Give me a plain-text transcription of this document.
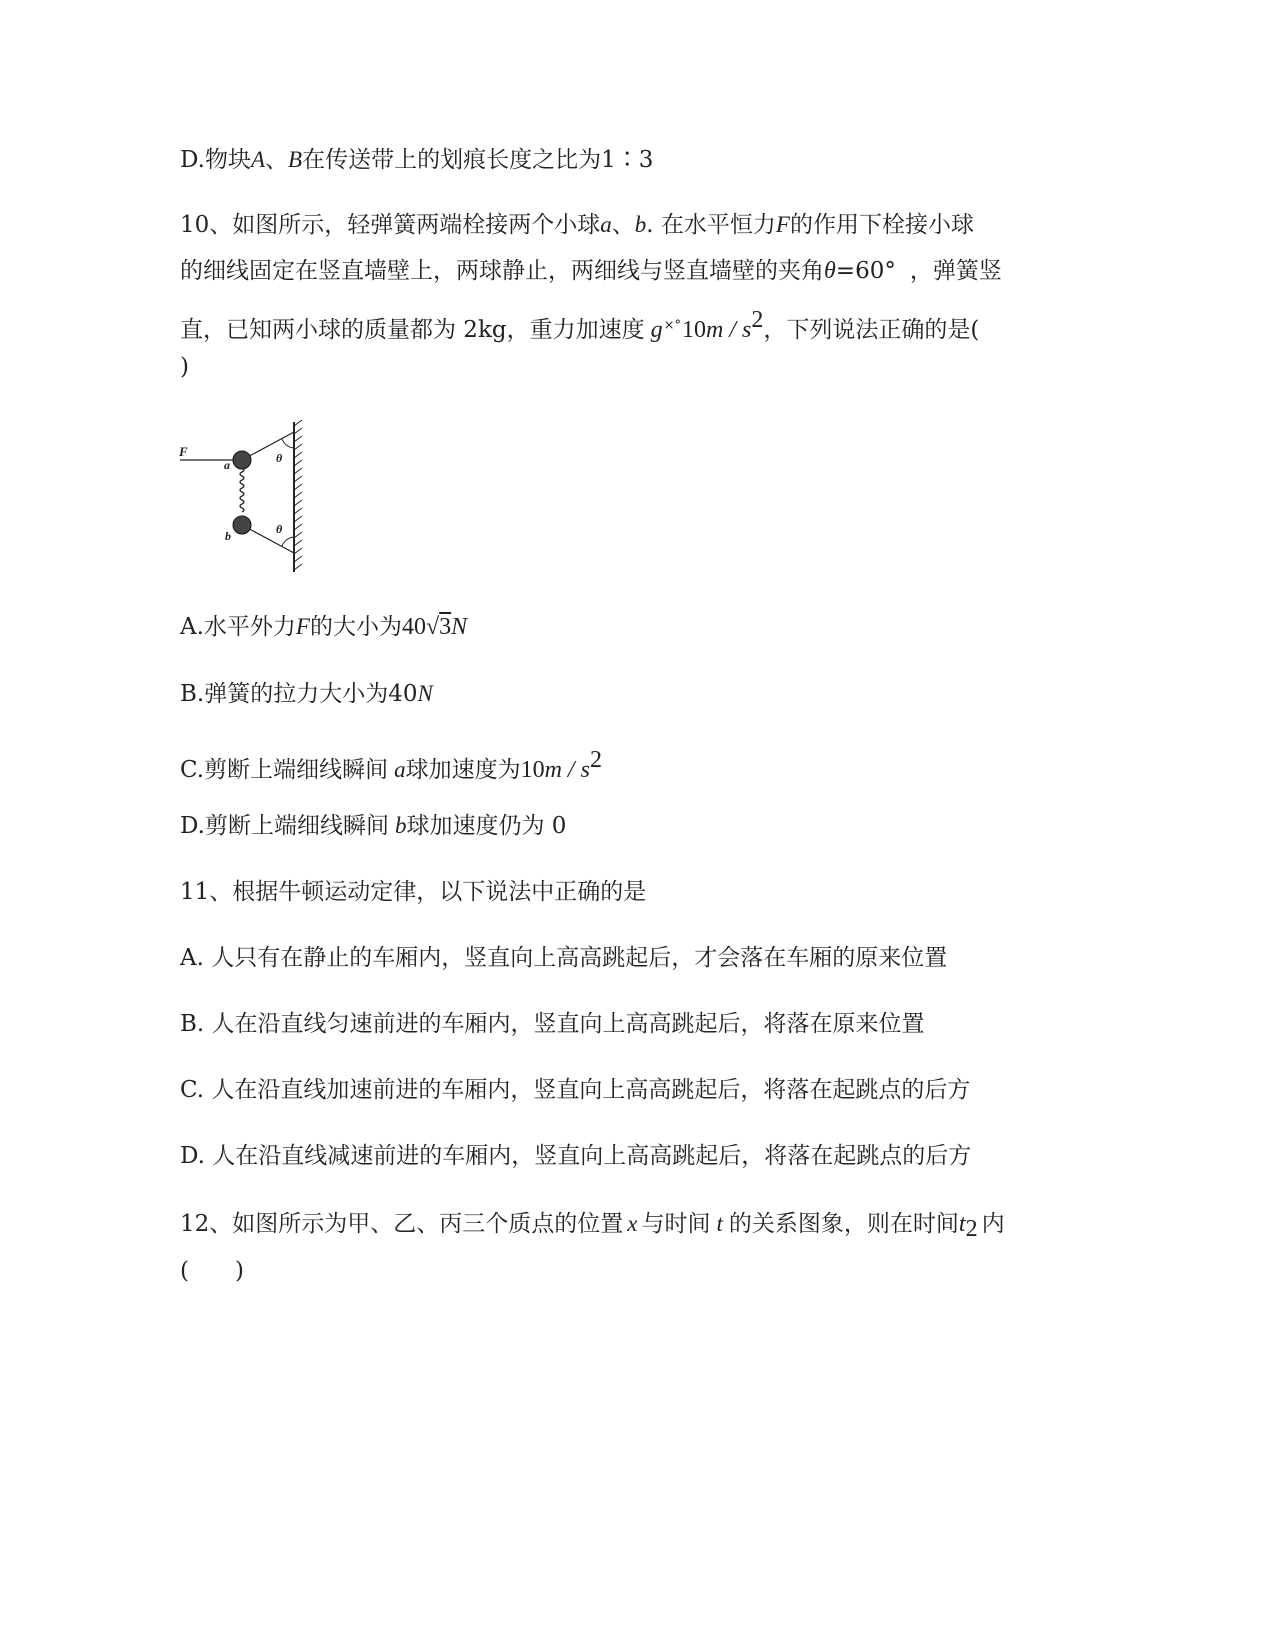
D.物块A、B在传送带上的划痕长度之比为1∶3
10、如图所示，轻弹簧两端栓接两个小球a、b. 在水平恒力F的作用下栓接小球
的细线固定在竖直墙壁上，两球静止，两细线与竖直墙壁的夹角θ=60° ，弹簧竖
直，已知两小球的质量都为 2kg，重力加速度 $g^{\times^\circ}10m / s^2$，下列说法正确的是(
)
F
a
b
θ
θ
A.水平外力F的大小为40√3N
B.弹簧的拉力大小为40N
C.剪断上端细线瞬间 a球加速度为$10m / s^2$
D.剪断上端细线瞬间 b球加速度仍为 0
11、根据牛顿运动定律，以下说法中正确的是
A. 人只有在静止的车厢内，竖直向上高高跳起后，才会落在车厢的原来位置
B. 人在沿直线匀速前进的车厢内，竖直向上高高跳起后，将落在原来位置
C. 人在沿直线加速前进的车厢内，竖直向上高高跳起后，将落在起跳点的后方
D. 人在沿直线减速前进的车厢内，竖直向上高高跳起后，将落在起跳点的后方
12、如图所示为甲、乙、丙三个质点的位置 x 与时间 t 的关系图象，则在时间$t_2$ 内
(　　)
